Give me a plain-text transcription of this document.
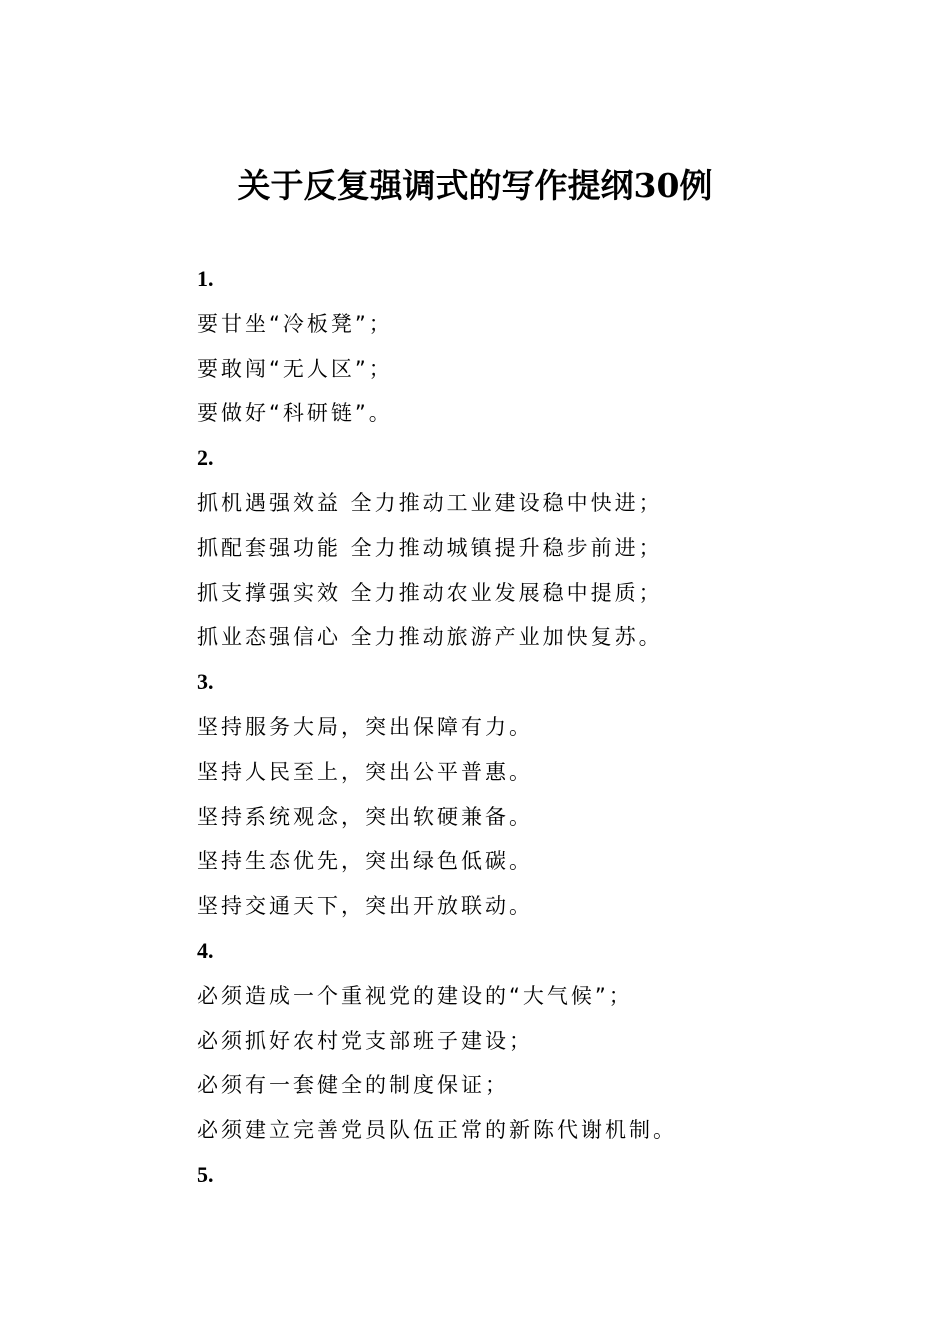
关于反复强调式的写作提纲30例
1.
要甘坐“冷板凳”；
要敢闯“无人区”；
要做好“科研链”。
2.
抓机遇强效益 全力推动工业建设稳中快进；
抓配套强功能 全力推动城镇提升稳步前进；
抓支撑强实效 全力推动农业发展稳中提质；
抓业态强信心 全力推动旅游产业加快复苏。
3.
坚持服务大局，突出保障有力。
坚持人民至上，突出公平普惠。
坚持系统观念，突出软硬兼备。
坚持生态优先，突出绿色低碳。
坚持交通天下，突出开放联动。
4.
必须造成一个重视党的建设的“大气候”；
必须抓好农村党支部班子建设；
必须有一套健全的制度保证；
必须建立完善党员队伍正常的新陈代谢机制。
5.
